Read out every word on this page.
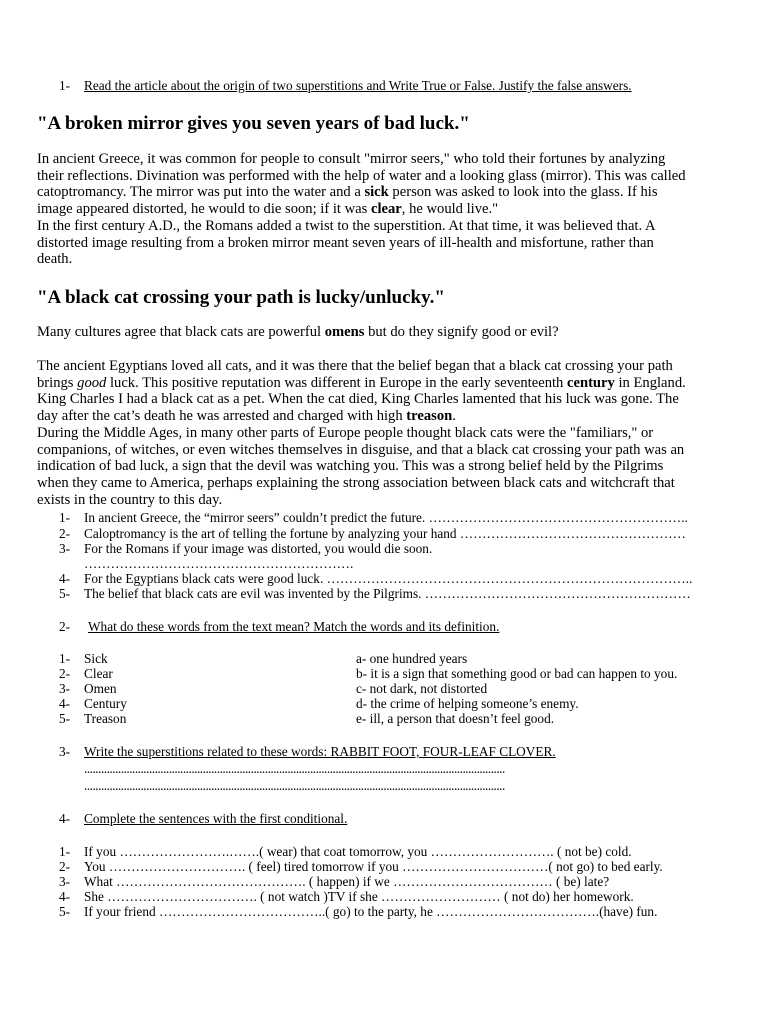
1- Read the article about the origin of two superstitions and Write True or False. Justify the false answers.
"A broken mirror gives you seven years of bad luck."
In ancient Greece, it was common for people to consult "mirror seers," who told their fortunes by analyzing
their reflections. Divination was performed with the help of water and a looking glass (mirror). This was called
catoptromancy. The mirror was put into the water and a sick person was asked to look into the glass. If his
image appeared distorted, he would to die soon; if it was clear, he would live."
In the first century A.D., the Romans added a twist to the superstition. At that time, it was believed that. A
distorted image resulting from a broken mirror meant seven years of ill-health and misfortune, rather than
death.
"A black cat crossing your path is lucky/unlucky."
Many cultures agree that black cats are powerful omens but do they signify good or evil?
The ancient Egyptians loved all cats, and it was there that the belief began that a black cat crossing your path
brings good luck. This positive reputation was different in Europe in the early seventeenth century in England.
King Charles I had a black cat as a pet. When the cat died, King Charles lamented that his luck was gone. The
day after the cat’s death he was arrested and charged with high treason.
During the Middle Ages, in many other parts of Europe people thought black cats were the "familiars," or
companions, of witches, or even witches themselves in disguise, and that a black cat crossing your path was an
indication of bad luck, a sign that the devil was watching you. This was a strong belief held by the Pilgrims
when they came to America, perhaps explaining the strong association between black cats and witchcraft that
exists in the country to this day.
1- In ancient Greece, the “mirror seers” couldn’t predict the future. …………………………………………………..
2- Caloptromancy is the art of telling the fortune by analyzing your hand ……………………………………………
3- For the Romans if your image was distorted, you would die soon.
…………………………………………………….
4- For the Egyptians black cats were good luck. ………………………………………………………………………..
5- The belief that black cats are evil was invented by the Pilgrims. ……………………………………………………
2- What do these words from the text mean? Match the words and its definition.
1- Sick	a- one hundred years
2- Clear	b- it is a sign that something good or bad can happen to you.
3- Omen	c- not dark, not distorted
4- Century	d- the crime of helping someone’s enemy.
5- Treason	e- ill, a person that doesn’t feel good.
3- Write the superstitions related to these words: RABBIT FOOT, FOUR-LEAF CLOVER.
.....................................................................................................................................................
.....................................................................................................................................................
4- Complete the sentences with the first conditional.
1- If you …………………….…….( wear) that coat tomorrow, you ………………………. ( not be) cold.
2- You …………………………. ( feel) tired tomorrow if you ……………………………( not go) to bed early.
3- What ……………………………………. ( happen) if we ……………………………… ( be) late?
4- She ……………………………. ( not watch )TV if she ……………………… ( not do) her homework.
5- If your friend ………………………………..( go) to the party, he ……………………………….(have) fun.
